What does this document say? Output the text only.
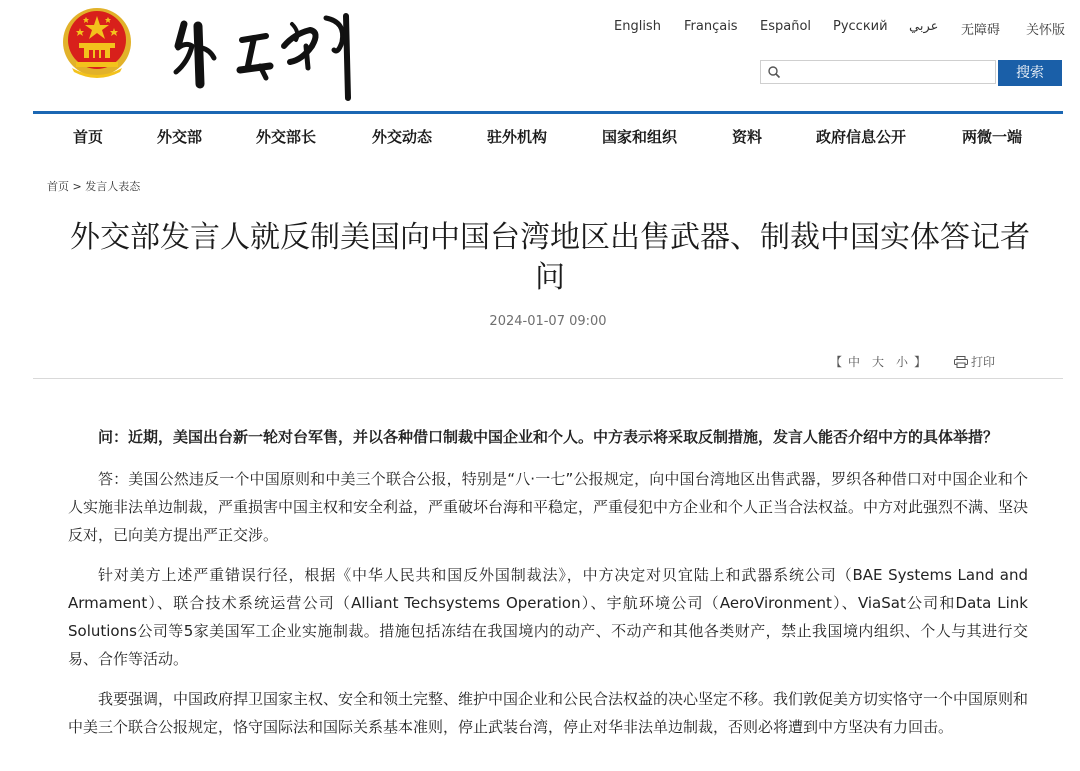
English Français Español Русский عربي 无障碍 关怀版
搜索
首页	外交部	外交部长	外交动态	驻外机构	国家和组织	资料	政府信息公开	两微一端
首页 > 发言人表态
外交部发言人就反制美国向中国台湾地区出售武器、制裁中国实体答记者问
2024-01-07 09:00
【 中 大 小 】	打印

问：近期，美国出台新一轮对台军售，并以各种借口制裁中国企业和个人。中方表示将采取反制措施，发言人能否介绍中方的具体举措？

答：美国公然违反一个中国原则和中美三个联合公报，特别是“八·一七”公报规定，向中国台湾地区出售武器，罗织各种借口对中国企业和个人实施非法单边制裁，严重损害中国主权和安全利益，严重破坏台海和平稳定，严重侵犯中方企业和个人正当合法权益。中方对此强烈不满、坚决反对，已向美方提出严正交涉。

针对美方上述严重错误行径，根据《中华人民共和国反外国制裁法》，中方决定对贝宜陆上和武器系统公司（BAE Systems Land and Armament）、联合技术系统运营公司（Alliant Techsystems Operation）、宇航环境公司（AeroVironment）、ViaSat公司和Data Link Solutions公司等5家美国军工企业实施制裁。措施包括冻结在我国境内的动产、不动产和其他各类财产，禁止我国境内组织、个人与其进行交易、合作等活动。

我要强调，中国政府捍卫国家主权、安全和领土完整、维护中国企业和公民合法权益的决心坚定不移。我们敦促美方切实恪守一个中国原则和中美三个联合公报规定，恪守国际法和国际关系基本准则，停止武装台湾，停止对华非法单边制裁，否则必将遭到中方坚决有力回击。
